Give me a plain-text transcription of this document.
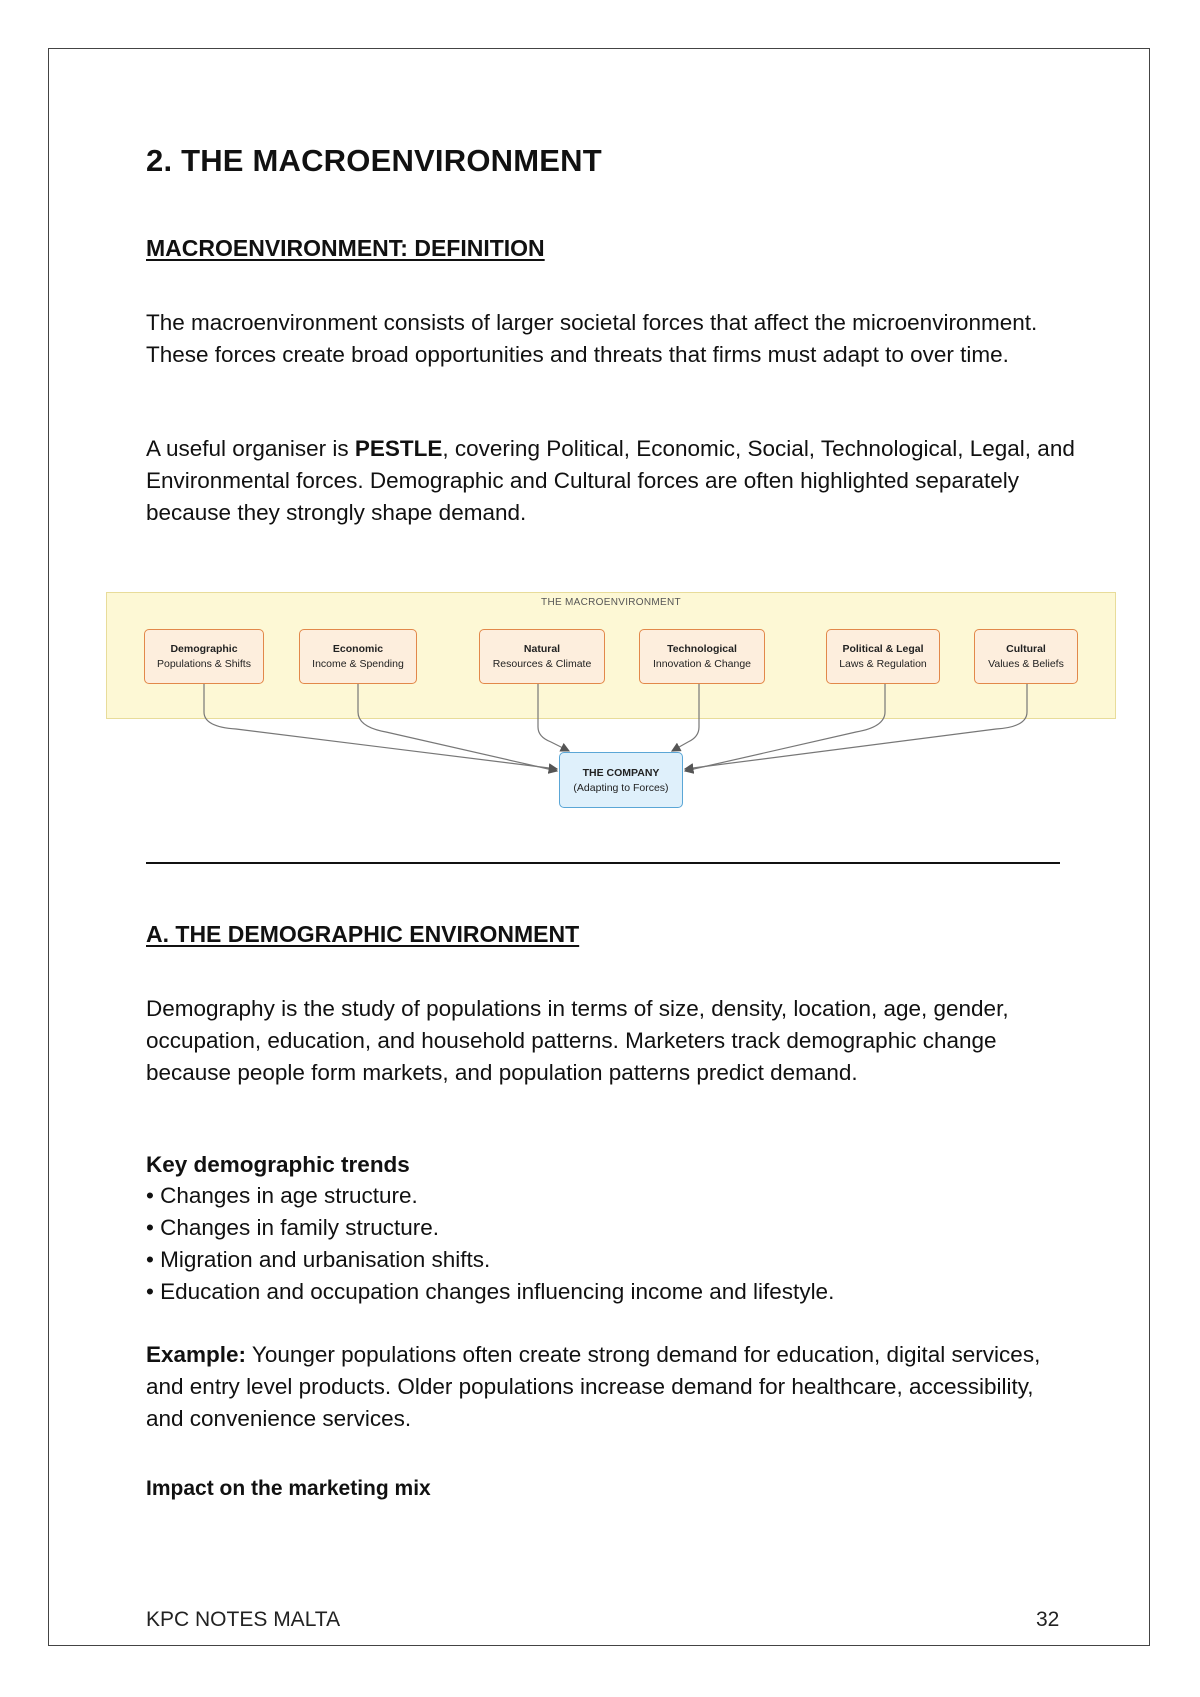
2. THE MACROENVIRONMENT

MACROENVIRONMENT: DEFINITION

The macroenvironment consists of larger societal forces that affect the microenvironment. These forces create broad opportunities and threats that firms must adapt to over time.

A useful organiser is PESTLE, covering Political, Economic, Social, Technological, Legal, and Environmental forces. Demographic and Cultural forces are often highlighted separately because they strongly shape demand.

THE MACROENVIRONMENT
Demographic
Populations & Shifts
Economic
Income & Spending
Natural
Resources & Climate
Technological
Innovation & Change
Political & Legal
Laws & Regulation
Cultural
Values & Beliefs
THE COMPANY
(Adapting to Forces)

A. THE DEMOGRAPHIC ENVIRONMENT

Demography is the study of populations in terms of size, density, location, age, gender, occupation, education, and household patterns. Marketers track demographic change because people form markets, and population patterns predict demand.

Key demographic trends

• Changes in age structure.
• Changes in family structure.
• Migration and urbanisation shifts.
• Education and occupation changes influencing income and lifestyle.

Example: Younger populations often create strong demand for education, digital services, and entry level products. Older populations increase demand for healthcare, accessibility, and convenience services.

Impact on the marketing mix

KPC NOTES MALTA	32
